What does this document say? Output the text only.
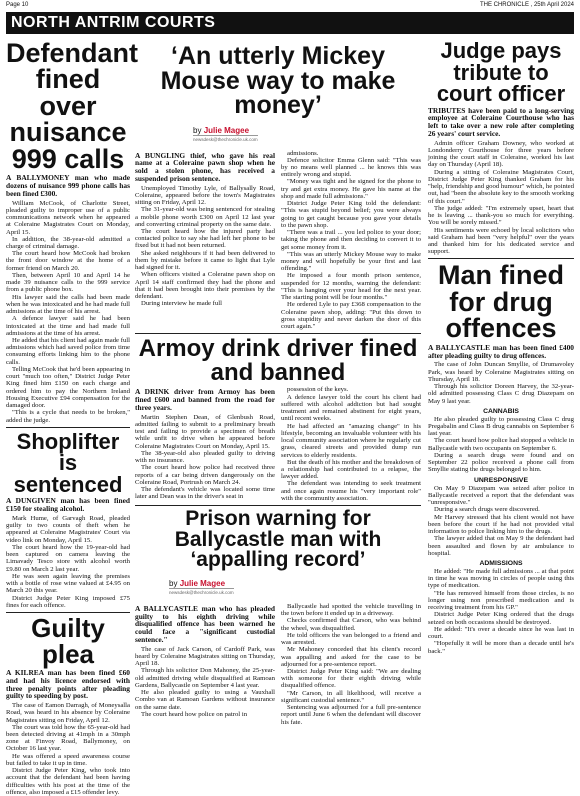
Page 10	THE CHRONICLE , 25th April 2024
NORTH ANTRIM COURTS
Defendant fined over nuisance 999 calls
A BALLYMONEY man who made dozens of nuisance 999 phone calls has been fined £300.

William McCook, of Charlotte Street, pleaded guilty to improper use of a public communications network when he appeared at Coleraine Magistrates Court on Monday, April 15.

In addition, the 38-year-old admitted a charge of criminal damage.

The court heard how McCook had broken the front door window at the home of a former friend on March 20.

Then, between April 10 and April 14 he made 39 nuisance calls to the 999 service from a public phone box.

His lawyer said the calls had been made when he was intoxicated and he had made full admissions at the time of his arrest.

A defence lawyer said he had been intoxicated at the time and had made full admissions at the time of his arrest.

He added that his client had again made full admissions which had saved police from time consuming efforts linking him to the phone calls.

Telling McCook that he'd been appearing in court "much too often," District Judge Peter King fined him £150 on each charge and ordered him to pay the Northern Ireland Housing Executive £94 compensation for the damaged door.

"This is a cycle that needs to be broken," added the judge.

Shoplifter is sentenced
A DUNGIVEN man has been fined £150 for stealing alcohol.

Mark Hume, of Garvagh Road, pleaded guilty to two counts of theft when he appeared at Coleraine Magistrates' Court via video link on Monday, April 15.

The court heard how the 19-year-old had been captured on camera leaving the Limavady Tesco store with alcohol worth £9.80 on March 2 last year.

He was seen again leaving the premises with a bottle of rose wine valued at £4.95 on March 20 this year.

District Judge Peter King imposed £75 fines for each offence.

Guilty plea
A KILREA man has been fined £60 and had his licence endorsed with three penalty points after pleading guilty to speeding by post.

The case of Eamon Darragh, of Moneysalla Road, was heard in his absence by Coleraine Magistrates sitting on Friday, April 12.

The court was told how the 65-year-old had been detected driving at 41mph in a 30mph zone at Finvoy Road, Ballymoney, on October 16 last year.

He was offered a speed awareness course but failed to take it up in time.

District Judge Peter King, who took into account that the defendant had been having difficulties with his post at the time of the offence, also imposed a £15 offender levy.

‘An utterly Mickey Mouse way to make money’
by Julie Magee
newsdesk@thechronicle.uk.com
A BUNGLING thief, who gave his real name at a Coleraine pawn shop when he sold a stolen phone, has received a suspended prison sentence.

Unemployed Timothy Lyle, of Ballysally Road, Coleraine, appeared before the town's Magistrates sitting on Friday, April 12.

The 31-year-old was being sentenced for stealing a mobile phone worth £300 on April 12 last year and converting criminal property on the same date.

The court heard how the injured party had contacted police to say she had left her phone to be fixed but it had not been returned.

She asked neighbours if it had been delivered to them by mistake before it came to light that Lyle had signed for it.

When officers visited a Coleraine pawn shop on April 14 staff confirmed they had the phone and that it had been brought into their premises by the defendant.

During interview he made full

admissions.

Defence solicitor Emma Glenn said: "This was by no means well planned ... he knows this was entirely wrong and stupid.

"Money was tight and he signed for the phone to try and get extra money. He gave his name at the shop and made full admissions."

District Judge Peter King told the defendant: "This was stupid beyond belief; you were always going to get caught because you gave your details to the pawn shop.

"There was a trail ... you led police to your door; taking the phone and then deciding to convert it to get some money from it.

"This was an utterly Mickey Mouse way to make money and will hopefully be your first and last offending."

He imposed a four month prison sentence, suspended for 12 months, warning the defendant: "This is hanging over your head for the next year. The starting point will be four months."

He ordered Lyle to pay £368 compensation to the Coleraine pawn shop, adding: "Put this down to gross stupidity and never darken the door of this court again."

Armoy drink driver fined and banned
A DRINK driver from Armoy has been fined £600 and banned from the road for three years.

Martin Stephen Dean, of Glenbush Road, admitted failing to submit to a preliminary breath test and failing to provide a specimen of breath while unfit to drive when he appeared before Coleraine Magistrates Court on Monday, April 15.

The 38-year-old also pleaded guilty to driving with no insurance.

The court heard how police had received three reports of a car being driven dangerously on the Coleraine Road, Portrush on March 24.

The defendant's vehicle was located some time later and Dean was in the driver's seat in

possession of the keys.

A defence lawyer told the court his client had suffered with alcohol addiction but had sought treatment and remained abstinent for eight years, until recent weeks.

He had affected an "amazing change" in his lifestyle, becoming an invaluable volunteer with his local community association where he regularly cut grass, cleared streets and provided dump run services to elderly residents.

But the death of his mother and the breakdown of a relationship had contributed to a relapse, the lawyer added.

The defendant was intending to seek treatment and once again resume his "very important role" with the community association.

Prison warning for Ballycastle man with ‘appalling record’
by Julie Magee
newsdesk@thechronicle.uk.com
A BALLYCASTLE man who has pleaded guilty to his eighth driving while disqualified offence has been warned he could face a "significant custodial sentence."

The case of Jack Carson, of Cardoff Park, was heard by Coleraine Magistrates sitting on Thursday, April 18.

Through his solicitor Don Mahoney, the 25-year-old admitted driving while disqualified at Ramoan Gardens, Ballycastle on September 4 last year.

He also pleaded guilty to using a Vauxhall Combo van at Ramoan Gardens without insurance on the same date.

The court heard how police on patrol in

Ballycastle had spotted the vehicle travelling in the town before it ended up in a driveway.

Checks confirmed that Carson, who was behind the wheel, was disqualified.

He told officers the van belonged to a friend and was arrested.

Mr Mahoney conceded that his client's record was appalling and asked for the case to be adjourned for a pre-sentence report.

District Judge Peter King said: "We are dealing with someone for their eighth driving while disqualified offence.

"Mr Carson, in all likelihood, will receive a significant custodial sentence."

Sentencing was adjourned for a full pre-sentence report until June 6 when the defendant will discover his fate.

Judge pays tribute to court officer
TRIBUTES have been paid to a long-serving employee at Coleraine Courthouse who has left to take over a new role after completing 26 years' court service.

Admin officer Graham Downey, who worked at Londonderry Courthouse for three years before joining the court staff in Coleraine, worked his last day on Thursday (April 18).

During a sitting of Coleraine Magistrates Court, District Judge Peter King thanked Graham for his "help, friendship and good humour" which, he pointed out, had "been the absolute key to the smooth working of this court."

The judge added: "I'm extremely upset, heart that he is leaving ... thank-you so much for everything. You will be sorely missed."

His sentiments were echoed by local solicitors who said Graham had been "very helpful" over the years and thanked him for his dedicated service and support.

Man fined for drug offences
A BALLYCASTLE man has been fined £400 after pleading guilty to drug offences.

The case of John Duncan Smyllie, of Drumavoley Park, was heard by Coleraine Magistrates sitting on Thursday, April 18.

Through his solicitor Doreen Harvey, the 32-year-old admitted possessing Class C drug Diazepam on May 9 last year.

CANNABIS

He also pleaded guilty to possessing Class C drug Pregabalin and Class B drug cannabis on September 6 last year.

The court heard how police had stopped a vehicle in Ballycastle with two occupants on September 6.

During a search drugs were found and on September 22 police received a phone call from Smyllie stating the drugs belonged to him.

UNRESPONSIVE

On May 9 Diazepam was seized after police in Ballycastle received a report that the defendant was "unresponsive."

During a search drugs were discovered.

Mr Harvey stressed that his client would not have been before the court if he had not provided vital information to police linking him to the drugs.

The lawyer added that on May 9 the defendant had been assaulted and flown by air ambulance to hospital.

ADMISSIONS

He added: "He made full admissions ... at that point in time he was moving in circles of people using this type of medication.

"He has removed himself from those circles, is no longer using non prescribed medication and is receiving treatment from his GP."

District Judge Peter King ordered that the drugs seized on both occasions should be destroyed.

He added: "It's over a decade since he was last in court.

"Hopefully it will be more than a decade until he's back."
